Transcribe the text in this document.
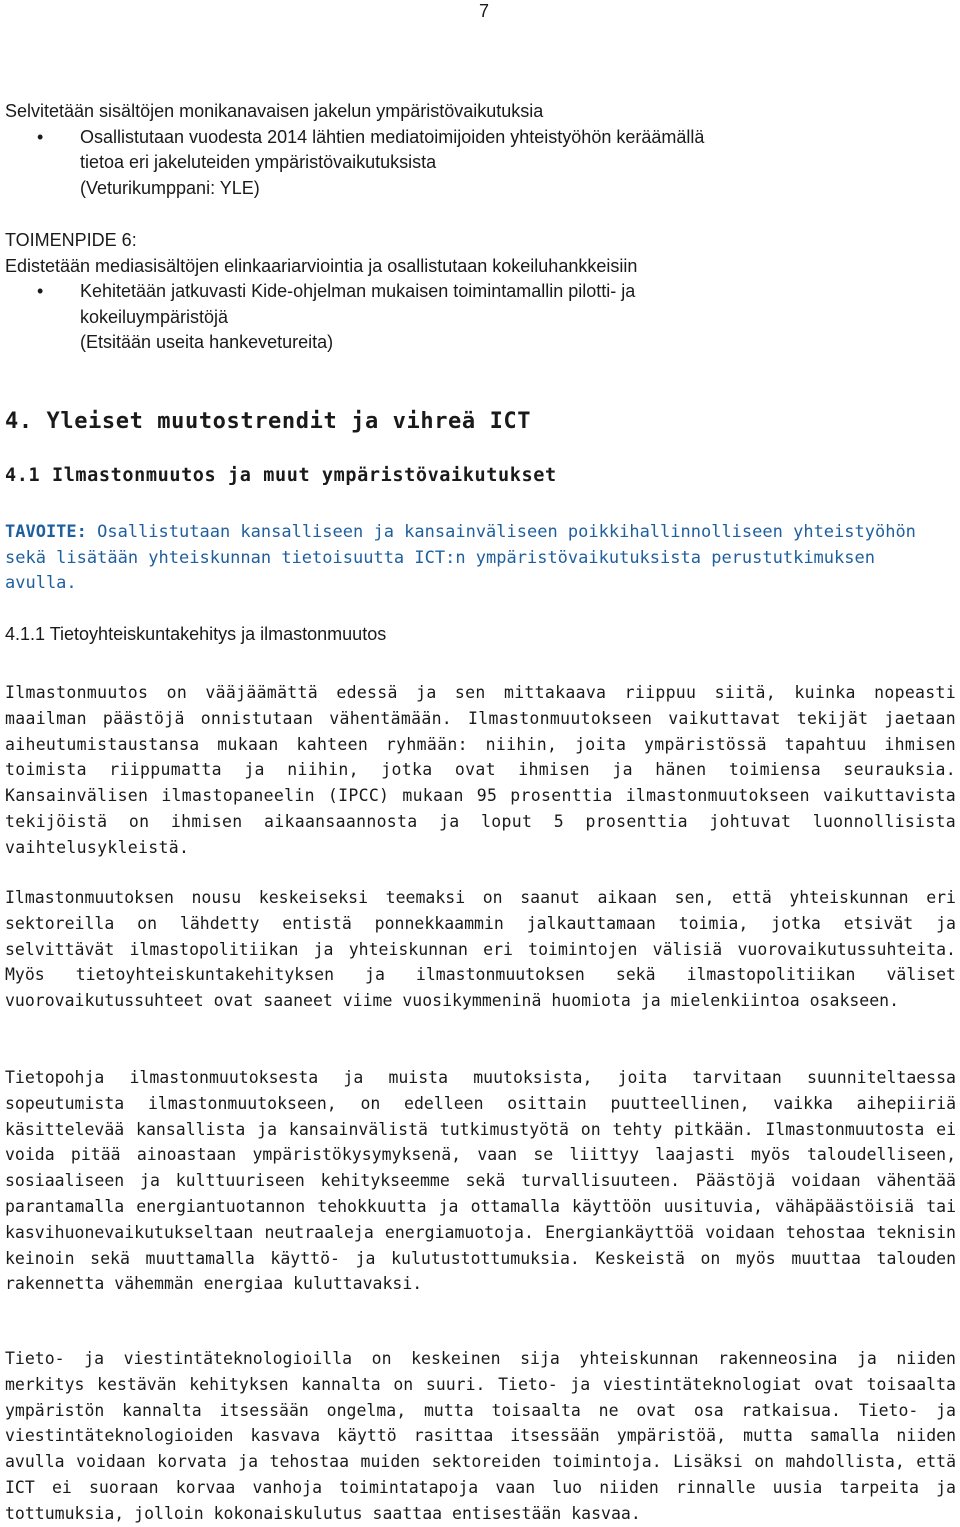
7
Selvitetään sisältöjen monikanavaisen jakelun ympäristövaikutuksia
• Osallistutaan vuodesta 2014 lähtien mediatoimijoiden yhteistyöhön keräämällä
tietoa eri jakeluteiden ympäristövaikutuksista
(Veturikumppani: YLE)
TOIMENPIDE 6:
Edistetään mediasisältöjen elinkaariarviointia ja osallistutaan kokeiluhankkeisiin
• Kehitetään jatkuvasti Kide-ohjelman mukaisen toimintamallin pilotti- ja
kokeiluympäristöjä
(Etsitään useita hankevetureita)
4. Yleiset muutostrendit ja vihreä ICT
4.1 Ilmastonmuutos ja muut ympäristövaikutukset
TAVOITE: Osallistutaan kansalliseen ja kansainväliseen poikkihallinnolliseen yhteistyöhön sekä lisätään yhteiskunnan tietoisuutta ICT:n ympäristövaikutuksista perustutkimuksen avulla.
4.1.1 Tietoyhteiskuntakehitys ja ilmastonmuutos

Ilmastonmuutos on vääjäämättä edessä ja sen mittakaava riippuu siitä, kuinka nopeasti maailman päästöjä onnistutaan vähentämään. Ilmastonmuutokseen vaikuttavat tekijät jaetaan aiheutumistaustansa mukaan kahteen ryhmään: niihin, joita ympäristössä tapahtuu ihmisen toimista riippumatta ja niihin, jotka ovat ihmisen ja hänen toimiensa seurauksia. Kansainvälisen ilmastopaneelin (IPCC) mukaan 95 prosenttia ilmastonmuutokseen vaikuttavista tekijöistä on ihmisen aikaansaannosta ja loput 5 prosenttia johtuvat luonnollisista vaihtelusykleistä.

Ilmastonmuutoksen nousu keskeiseksi teemaksi on saanut aikaan sen, että yhteiskunnan eri sektoreilla on lähdetty entistä ponnekkaammin jalkauttamaan toimia, jotka etsivät ja selvittävät ilmastopolitiikan ja yhteiskunnan eri toimintojen välisiä vuorovaikutussuhteita. Myös tietoyhteiskuntakehityksen ja ilmastonmuutoksen sekä ilmastopolitiikan väliset vuorovaikutussuhteet ovat saaneet viime vuosikymmeninä huomiota ja mielenkiintoa osakseen.

Tietopohja ilmastonmuutoksesta ja muista muutoksista, joita tarvitaan suunniteltaessa sopeutumista ilmastonmuutokseen, on edelleen osittain puutteellinen, vaikka aihepiiriä käsittelevää kansallista ja kansainvälistä tutkimustyötä on tehty pitkään. Ilmastonmuutosta ei voida pitää ainoastaan ympäristökysymyksenä, vaan se liittyy laajasti myös taloudelliseen, sosiaaliseen ja kulttuuriseen kehitykseemme sekä turvallisuuteen. Päästöjä voidaan vähentää parantamalla energiantuotannon tehokkuutta ja ottamalla käyttöön uusituvia, vähäpäästöisiä tai kasvihuonevaikutukseltaan neutraaleja energiamuotoja. Energiankäyttöä voidaan tehostaa teknisin keinoin sekä muuttamalla käyttö- ja kulutustottumuksia. Keskeistä on myös muuttaa talouden rakennetta vähemmän energiaa kuluttavaksi.

Tieto- ja viestintäteknologioilla on keskeinen sija yhteiskunnan rakenneosina ja niiden merkitys kestävän kehityksen kannalta on suuri. Tieto- ja viestintäteknologiat ovat toisaalta ympäristön kannalta itsessään ongelma, mutta toisaalta ne ovat osa ratkaisua. Tieto- ja viestintäteknologioiden kasvava käyttö rasittaa itsessään ympäristöä, mutta samalla niiden avulla voidaan korvata ja tehostaa muiden sektoreiden toimintoja. Lisäksi on mahdollista, että ICT ei suoraan korvaa vanhoja toimintatapoja vaan luo niiden rinnalle uusia tarpeita ja tottumuksia, jolloin kokonaiskulutus saattaa entisestään kasvaa.
